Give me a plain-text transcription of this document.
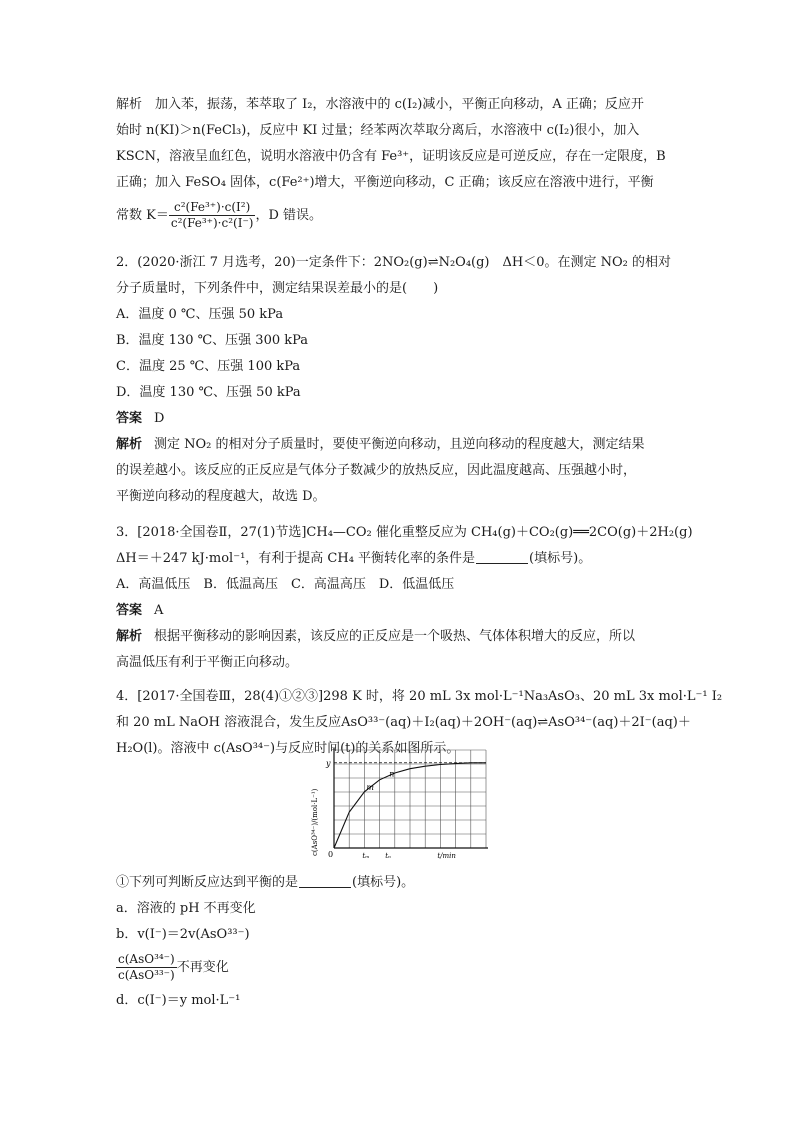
解析　加入苯，振荡，苯萃取了 I₂，水溶液中的 c(I₂)减小，平衡正向移动，A 正确；反应开
始时 n(KI)＞n(FeCl₃)，反应中 KI 过量；经苯两次萃取分离后，水溶液中 c(I₂)很小，加入
KSCN，溶液呈血红色，说明水溶液中仍含有 Fe³⁺，证明该反应是可逆反应，存在一定限度，B
正确；加入 FeSO₄ 固体，c(Fe²⁺)增大，平衡逆向移动，C 正确；该反应在溶液中进行，平衡
常数 $K= \frac{\text{c²(Fe³⁺)·c(I²)}}{\text{c²(Fe³⁺)·c²(I⁻)}}$ ，D 错误。
2．(2020·浙江 7 月选考，20)一定条件下：2NO₂(g)⇌N₂O₄(g)　ΔH＜0。在测定 NO₂ 的相对
分子质量时，下列条件中，测定结果误差最小的是(　　)
A．温度 0 ℃、压强 50 kPa
B．温度 130 ℃、压强 300 kPa
C．温度 25 ℃、压强 100 kPa
D．温度 130 ℃、压强 50 kPa
答案 D
解析 测定 NO₂ 的相对分子质量时，要使平衡逆向移动，且逆向移动的程度越大，测定结果
的误差越小。该反应的正反应是气体分子数减少的放热反应，因此温度越高、压强越小时，
平衡逆向移动的程度越大，故选 D。
3．[2018·全国卷Ⅱ，27(1)节选]CH₄—CO₂ 催化重整反应为 CH₄(g)＋CO₂(g)══2CO(g)＋2H₂(g)
ΔH＝＋247 kJ·mol⁻¹，有利于提高 CH₄ 平衡转化率的条件是	(填标号)。
A．高温低压　B．低温高压　C．高温高压　D．低温低压
答案 A
解析 根据平衡移动的影响因素，该反应的正反应是一个吸热、气体体积增大的反应，所以
高温低压有利于平衡正向移动。
4．[2017·全国卷Ⅲ，28(4)①②③]298 K 时，将 20 mL 3x mol·L⁻¹Na₃AsO₃、20 mL 3x mol·L⁻¹ I₂
和 20 mL NaOH 溶液混合，发生反应AsO³³⁻(aq)＋I₂(aq)＋2OH⁻(aq)⇌AsO³⁴⁻(aq)＋2I⁻(aq)＋
H₂O(l)。溶液中 c(AsO³⁴⁻)与反应时间(t)的关系如图所示。
y
0	tₘ tₙ	t/min
m
n
c(AsO³⁴⁻)/(mol·L⁻¹)
①下列可判断反应达到平衡的是	(填标号)。
a．溶液的 pH 不再变化
b．v(I⁻)＝2v(AsO³³⁻)
$\frac{\text{c(AsO³⁴⁻)}}{\text{c(AsO³³⁻)}}$ 不再变化
d．c(I⁻)＝y mol·L⁻¹
